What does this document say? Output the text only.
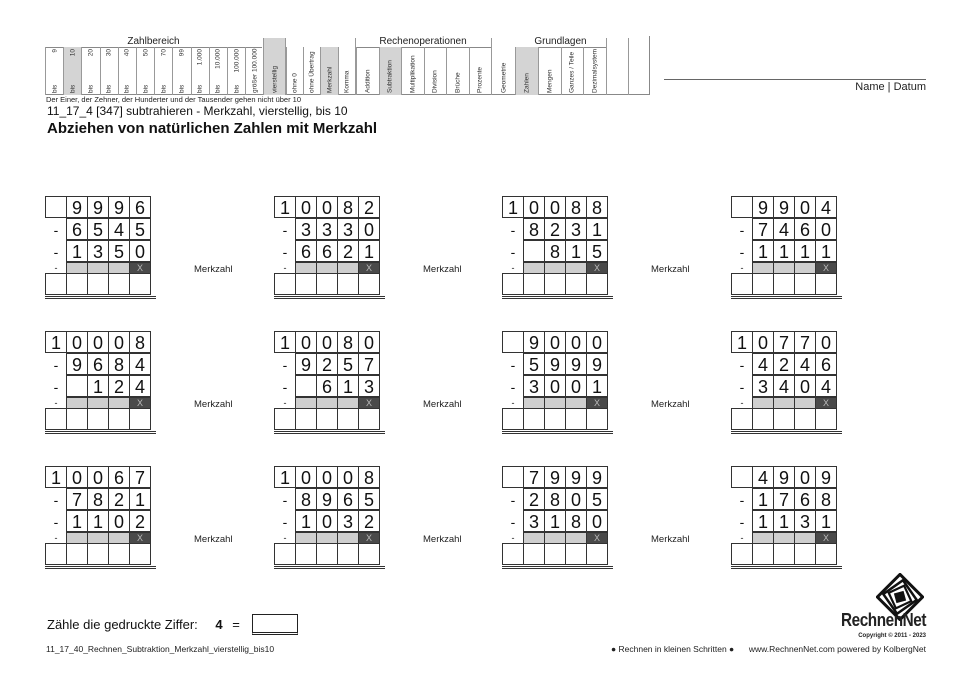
Der Einer, der Zehner, der Hunderter und der Tausender gehen nicht über 10
11_17_4 [347] subtrahieren - Merkzahl, vierstellig, bis 10
Abziehen von natürlichen Zahlen mit Merkzahl
Name | Datum
9 9 9 6
- 6 5 4 5
- 1 3 5 0
-	X	Merkzahl
1 0 0 8 2
- 3 3 3 0
- 6 6 2 1
-	X	Merkzahl
1 0 0 8 8
- 8 2 3 1
-	8 1 5
-	X	Merkzahl
9 9 0 4
- 7 4 6 0
- 1 1 1 1
-	X
1 0 0 0 8
- 9 6 8 4
-	1 2 4
-	X	Merkzahl
1 0 0 8 0
- 9 2 5 7
-	6 1 3
-	X	Merkzahl
9 0 0 0
- 5 9 9 9
- 3 0 0 1
-	X	Merkzahl
1 0 7 7 0
- 4 2 4 6
- 3 4 0 4
-	X
1 0 0 6 7
- 7 8 2 1
- 1 1 0 2
-	X	Merkzahl
1 0 0 0 8
- 8 9 6 5
- 1 0 3 2
-	X	Merkzahl
7 9 9 9
- 2 8 0 5
- 3 1 8 0
-	X	Merkzahl
4 9 0 9
- 1 7 6 8
- 1 1 3 1
-	X
Zähle die gedruckte Ziffer: 4 =
11_17_40_Rechnen_Subtraktion_Merkzahl_vierstellig_bis10	● Rechnen in kleinen Schritten ● www.RechnenNet.com powered by KolbergNet
RechnenNet
Copyright © 2011 - 2023
Zahlbereich	Rechenoperationen	Grundlagen
9
bis
10
bis
20
bis
30
bis
40
bis
50
bis
70
bis
99
bis
1.000
bis
10.000
bis
100.000
bis größer 100.000 vierstellig ohne 0 ohne Übertrag Merkzahl Komma Addition Subtraktion Multiplikation Division Brüche Prozente	Geometrie	Zahlen Mengen Ganzes / Teile Dezimalsystem
